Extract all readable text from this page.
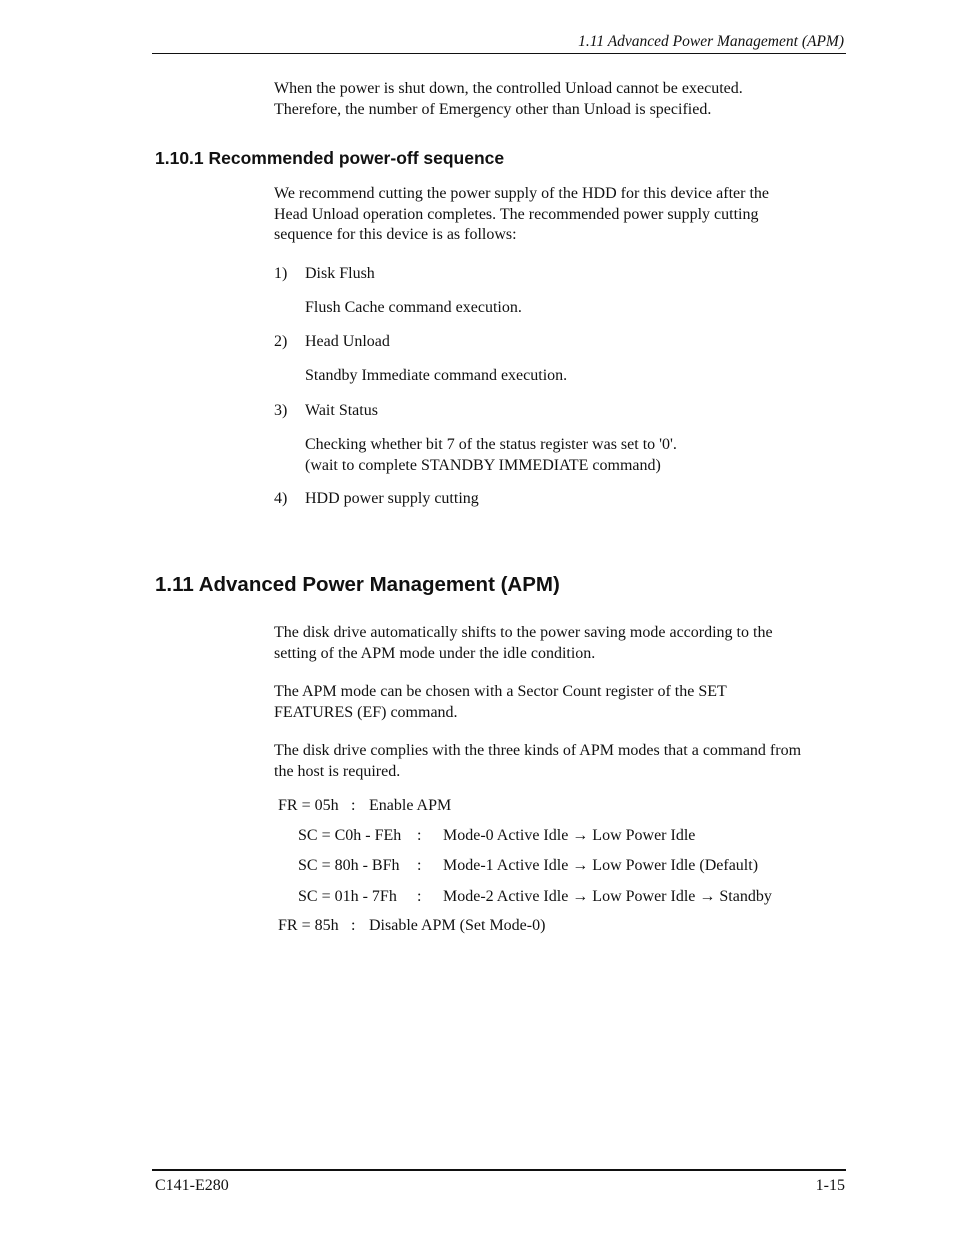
1.11 Advanced Power Management (APM)
When the power is shut down, the controlled Unload cannot be executed.
Therefore, the number of Emergency other than Unload is specified.
1.10.1 Recommended power-off sequence
We recommend cutting the power supply of the HDD for this device after the
Head Unload operation completes. The recommended power supply cutting
sequence for this device is as follows:
1) Disk Flush
Flush Cache command execution.
2) Head Unload
Standby Immediate command execution.
3) Wait Status
Checking whether bit 7 of the status register was set to '0'.
(wait to complete STANDBY IMMEDIATE command)
4) HDD power supply cutting
1.11 Advanced Power Management (APM)
The disk drive automatically shifts to the power saving mode according to the
setting of the APM mode under the idle condition.
The APM mode can be chosen with a Sector Count register of the SET
FEATURES (EF) command.
The disk drive complies with the three kinds of APM modes that a command from
the host is required.
FR = 05h : Enable APM
SC = C0h - FEh : Mode-0 Active Idle → Low Power Idle
SC = 80h - BFh : Mode-1 Active Idle → Low Power Idle (Default)
SC = 01h - 7Fh : Mode-2 Active Idle → Low Power Idle → Standby
FR = 85h : Disable APM (Set Mode-0)
C141-E280	1-15
